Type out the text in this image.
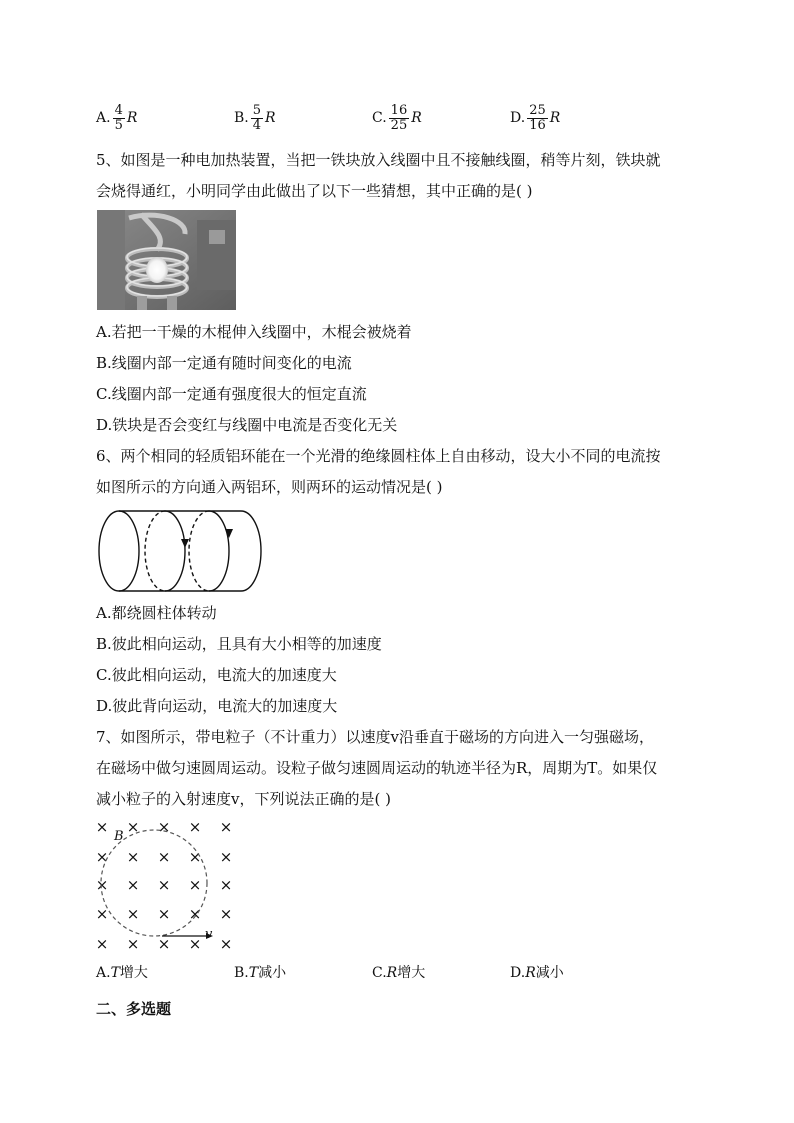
A. $\frac{4}{5}$ R	B. $\frac{5}{4}$ R	C. $\frac{16}{25}$ R	D. $\frac{25}{16}$ R
5、如图是一种电加热装置，当把一铁块放入线圈中且不接触线圈，稍等片刻，铁块就
会烧得通红，小明同学由此做出了以下一些猜想，其中正确的是( )
A.若把一干燥的木棍伸入线圈中，木棍会被烧着
B.线圈内部一定通有随时间变化的电流
C.线圈内部一定通有强度很大的恒定直流
D.铁块是否会变红与线圈中电流是否变化无关
6、两个相同的轻质铝环能在一个光滑的绝缘圆柱体上自由移动，设大小不同的电流按
如图所示的方向通入两铝环，则两环的运动情况是( )
A.都绕圆柱体转动
B.彼此相向运动，且具有大小相等的加速度
C.彼此相向运动，电流大的加速度大
D.彼此背向运动，电流大的加速度大
7、如图所示，带电粒子（不计重力）以速度v沿垂直于磁场的方向进入一匀强磁场，
在磁场中做匀速圆周运动。设粒子做匀速圆周运动的轨迹半径为R，周期为T。如果仅
减小粒子的入射速度v，下列说法正确的是( )
×
×
×
×
×
×
×
×
×
×
×
×
×
×
×
×
×
×
×
×
×
×
×
×
×
B
v
A.T增大	B.T减小	C.R增大	D.R减小
二、多选题
